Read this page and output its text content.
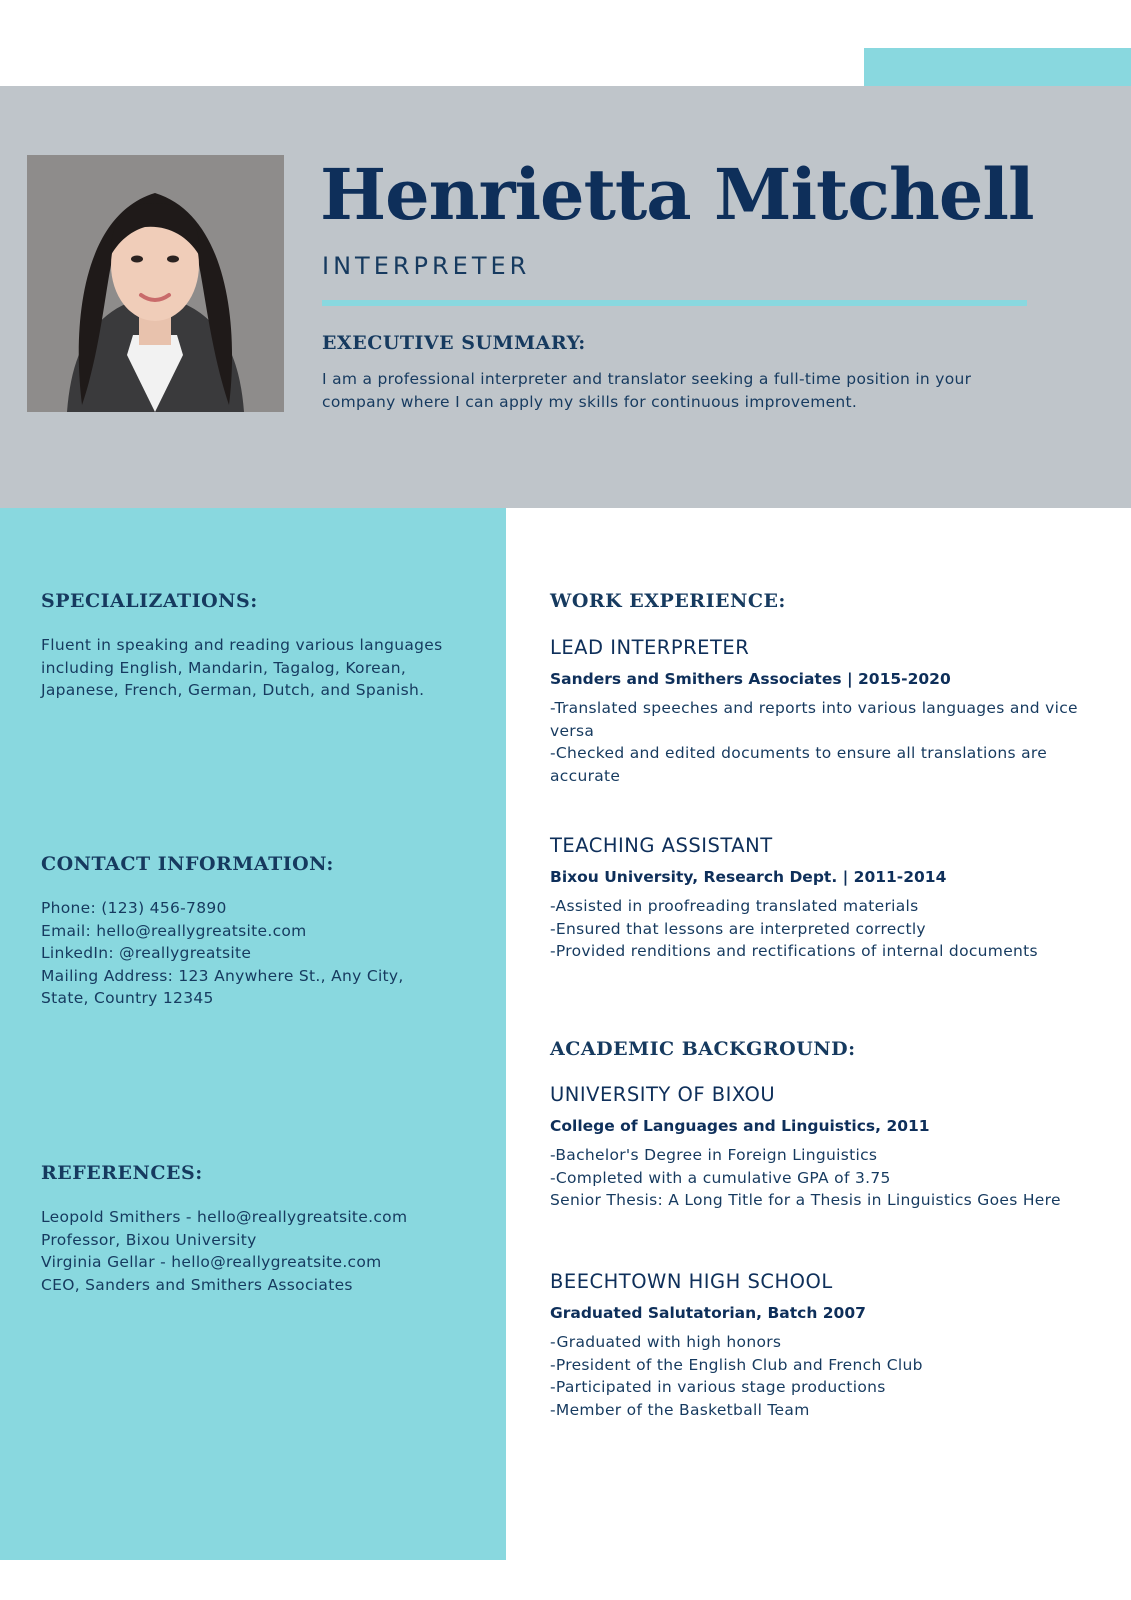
Henrietta Mitchell
INTERPRETER
EXECUTIVE SUMMARY:
I am a professional interpreter and translator seeking a full-time position in your
company where I can apply my skills for continuous improvement.
SPECIALIZATIONS:
Fluent in speaking and reading various languages
including English, Mandarin, Tagalog, Korean,
Japanese, French, German, Dutch, and Spanish.
CONTACT INFORMATION:
Phone: (123) 456-7890
Email: hello@reallygreatsite.com
LinkedIn: @reallygreatsite
Mailing Address: 123 Anywhere St., Any City,
State, Country 12345
REFERENCES:
Leopold Smithers - hello@reallygreatsite.com
Professor, Bixou University
Virginia Gellar - hello@reallygreatsite.com
CEO, Sanders and Smithers Associates
WORK EXPERIENCE:
LEAD INTERPRETER
Sanders and Smithers Associates | 2015-2020
-Translated speeches and reports into various languages and vice
versa
-Checked and edited documents to ensure all translations are
accurate
TEACHING ASSISTANT
Bixou University, Research Dept. | 2011-2014
-Assisted in proofreading translated materials
-Ensured that lessons are interpreted correctly
-Provided renditions and rectifications of internal documents
ACADEMIC BACKGROUND:
UNIVERSITY OF BIXOU
College of Languages and Linguistics, 2011
-Bachelor's Degree in Foreign Linguistics
-Completed with a cumulative GPA of 3.75
Senior Thesis: A Long Title for a Thesis in Linguistics Goes Here
BEECHTOWN HIGH SCHOOL
Graduated Salutatorian, Batch 2007
-Graduated with high honors
-President of the English Club and French Club
-Participated in various stage productions
-Member of the Basketball Team
